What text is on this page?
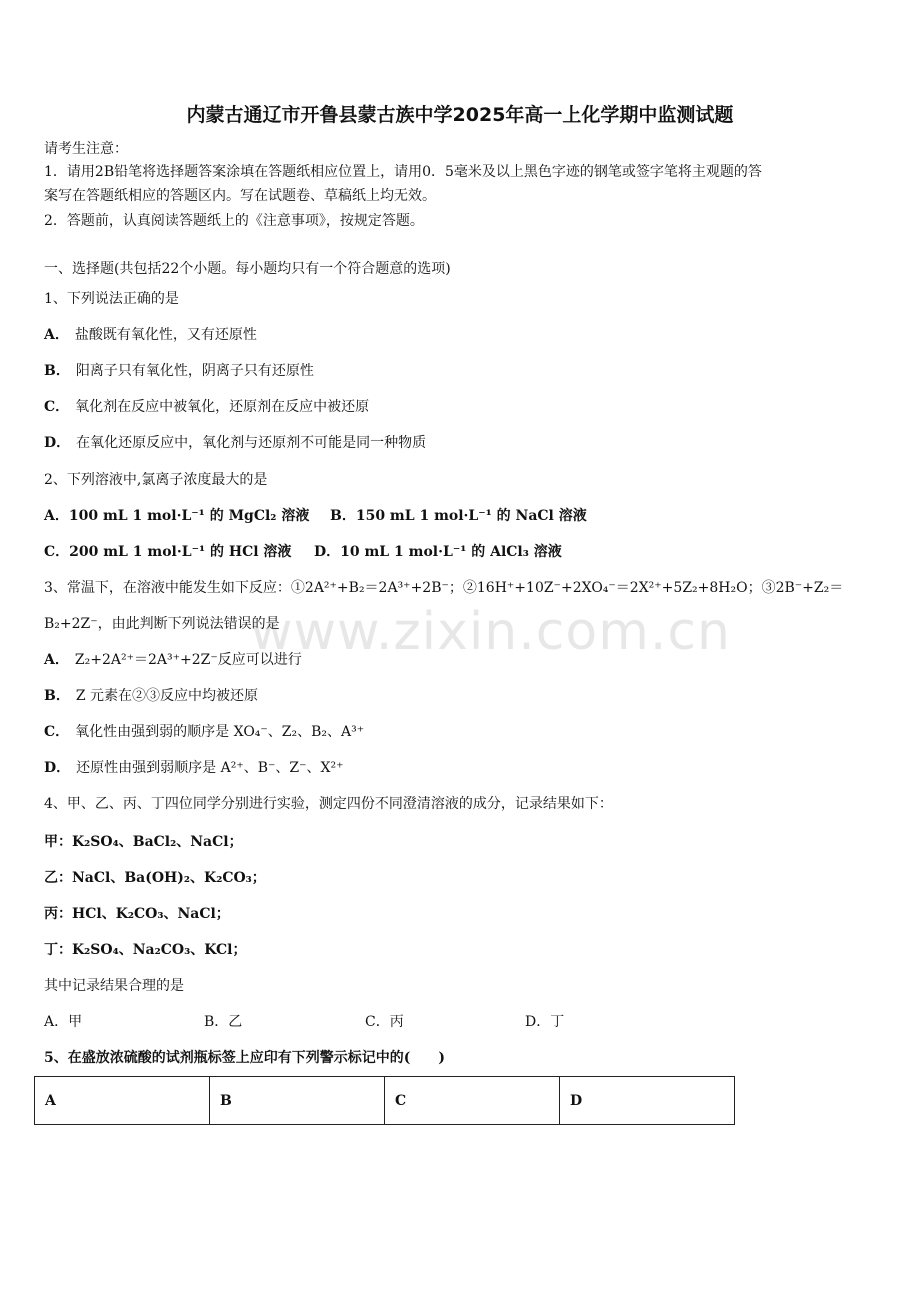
内蒙古通辽市开鲁县蒙古族中学2025年高一上化学期中监测试题
请考生注意：
1．请用2B铅笔将选择题答案涂填在答题纸相应位置上，请用0．5毫米及以上黑色字迹的钢笔或签字笔将主观题的答
案写在答题纸相应的答题区内。写在试题卷、草稿纸上均无效。
2．答题前，认真阅读答题纸上的《注意事项》，按规定答题。
一、选择题(共包括22个小题。每小题均只有一个符合题意的选项)
1、下列说法正确的是
A． 盐酸既有氧化性，又有还原性
B． 阳离子只有氧化性，阴离子只有还原性
C． 氧化剂在反应中被氧化，还原剂在反应中被还原
D． 在氧化还原反应中，氧化剂与还原剂不可能是同一种物质
2、下列溶液中,氯离子浓度最大的是
A．100 mL 1 mol·L⁻¹ 的 MgCl₂ 溶液 B．150 mL 1 mol·L⁻¹ 的 NaCl 溶液
C．200 mL 1 mol·L⁻¹ 的 HCl 溶液 D．10 mL 1 mol·L⁻¹ 的 AlCl₃ 溶液
3、常温下，在溶液中能发生如下反应：①2A²⁺+B₂＝2A³⁺+2B⁻；②16H⁺+10Z⁻+2XO₄⁻＝2X²⁺+5Z₂+8H₂O；③2B⁻+Z₂＝
B₂+2Z⁻，由此判断下列说法错误的是
A． Z₂+2A²⁺＝2A³⁺+2Z⁻反应可以进行
B． Z 元素在②③反应中均被还原
C． 氧化性由强到弱的顺序是 XO₄⁻、Z₂、B₂、A³⁺
D． 还原性由强到弱顺序是 A²⁺、B⁻、Z⁻、X²⁺
4、甲、乙、丙、丁四位同学分别进行实验，测定四份不同澄清溶液的成分，记录结果如下：
甲：K₂SO₄、BaCl₂、NaCl；
乙：NaCl、Ba(OH)₂、K₂CO₃；
丙：HCl、K₂CO₃、NaCl；
丁：K₂SO₄、Na₂CO₃、KCl；
其中记录结果合理的是
A．甲	B．乙	C．丙	D．丁
5、在盛放浓硫酸的试剂瓶标签上应印有下列警示标记中的(　　)
A	B	C	D
www.zixin.com.cn
